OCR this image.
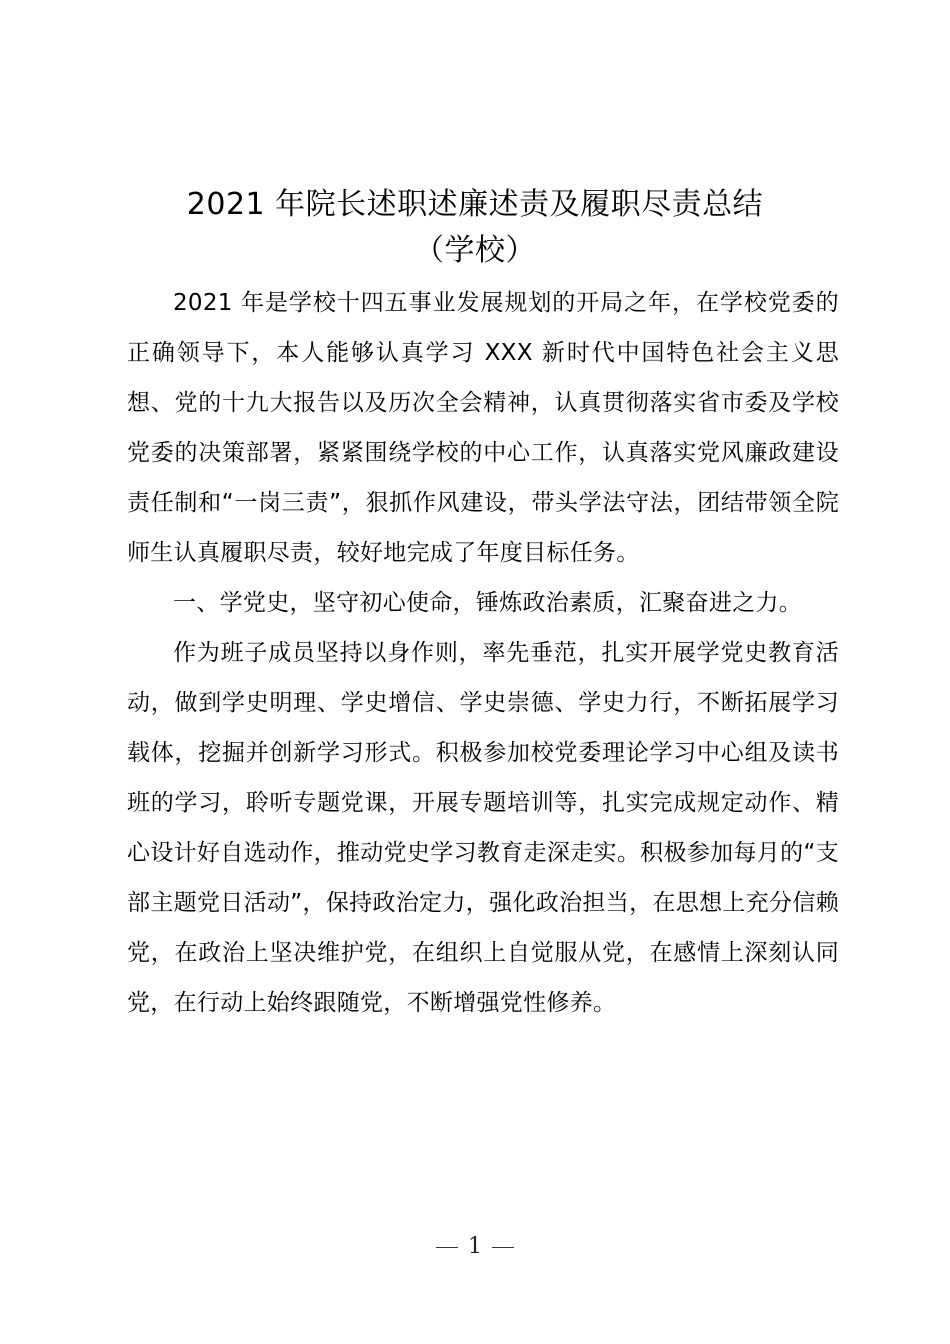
2021 年院长述职述廉述责及履职尽责总结
（学校）

2021 年是学校十四五事业发展规划的开局之年，在学校党委的正确领导下，本人能够认真学习 XXX 新时代中国特色社会主义思想、党的十九大报告以及历次全会精神，认真贯彻落实省市委及学校党委的决策部署，紧紧围绕学校的中心工作，认真落实党风廉政建设责任制和“一岗三责”，狠抓作风建设，带头学法守法，团结带领全院师生认真履职尽责，较好地完成了年度目标任务。

一、学党史，坚守初心使命，锤炼政治素质，汇聚奋进之力。

作为班子成员坚持以身作则，率先垂范，扎实开展学党史教育活动，做到学史明理、学史增信、学史崇德、学史力行，不断拓展学习载体，挖掘并创新学习形式。积极参加校党委理论学习中心组及读书班的学习，聆听专题党课，开展专题培训等，扎实完成规定动作、精心设计好自选动作，推动党史学习教育走深走实。积极参加每月的“支部主题党日活动”，保持政治定力，强化政治担当，在思想上充分信赖党，在政治上坚决维护党，在组织上自觉服从党，在感情上深刻认同党，在行动上始终跟随党，不断增强党性修养。

1
